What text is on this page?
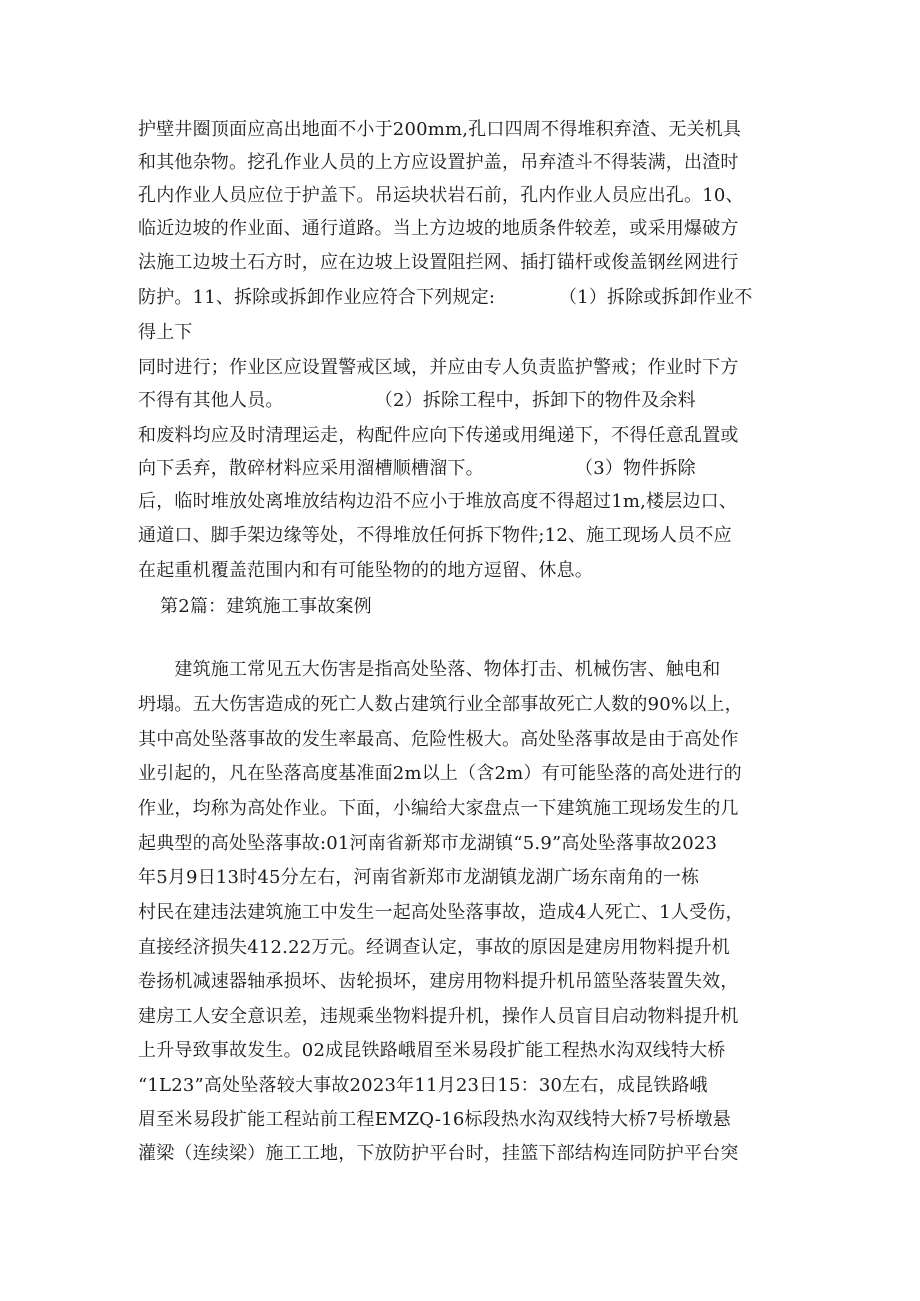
护壁井圈顶面应高出地面不小于200mm,孔口四周不得堆积弃渣、无关机具
和其他杂物。挖孔作业人员的上方应设置护盖，吊弃渣斗不得装满，出渣时
孔内作业人员应位于护盖下。吊运块状岩石前，孔内作业人员应出孔。10、
临近边坡的作业面、通行道路。当上方边坡的地质条件较差，或采用爆破方
法施工边坡土石方时，应在边坡上设置阻拦网、插打锚杆或俊盖钢丝网进行
防护。11、拆除或拆卸作业应符合下列规定:　　　　（1）拆除或拆卸作业不
得上下
同时进行；作业区应设置警戒区域，并应由专人负责监护警戒；作业时下方
不得有其他人员。　　　　　　（2）拆除工程中，拆卸下的物件及余料
和废料均应及时清理运走，构配件应向下传递或用绳递下，不得任意乱置或
向下丢弃，散碎材料应采用溜槽顺槽溜下。　　　　　　（3）物件拆除
后，临时堆放处离堆放结构边沿不应小于堆放高度不得超过1m,楼层边口、
通道口、脚手架边缘等处，不得堆放任何拆下物件;12、施工现场人员不应
在起重机覆盖范围内和有可能坠物的的地方逗留、休息。
第2篇：建筑施工事故案例
　　建筑施工常见五大伤害是指高处坠落、物体打击、机械伤害、触电和
坍塌。五大伤害造成的死亡人数占建筑行业全部事故死亡人数的90%以上，
其中高处坠落事故的发生率最高、危险性极大。高处坠落事故是由于高处作
业引起的，凡在坠落高度基准面2m以上（含2m）有可能坠落的高处进行的
作业，均称为高处作业。下面，小编给大家盘点一下建筑施工现场发生的几
起典型的高处坠落事故:01河南省新郑市龙湖镇“5.9”高处坠落事故2023
年5月9日13时45分左右，河南省新郑市龙湖镇龙湖广场东南角的一栋
村民在建违法建筑施工中发生一起高处坠落事故，造成4人死亡、1人受伤，
直接经济损失412.22万元。经调查认定，事故的原因是建房用物料提升机
卷扬机减速器轴承损坏、齿轮损坏，建房用物料提升机吊篮坠落装置失效，
建房工人安全意识差，违规乘坐物料提升机，操作人员盲目启动物料提升机
上升导致事故发生。02成昆铁路峨眉至米易段扩能工程热水沟双线特大桥
“1L23”高处坠落较大事故2023年11月23日15：30左右，成昆铁路峨
眉至米易段扩能工程站前工程EMZQ-16标段热水沟双线特大桥7号桥墩悬
灌梁（连续梁）施工工地，下放防护平台时，挂篮下部结构连同防护平台突
